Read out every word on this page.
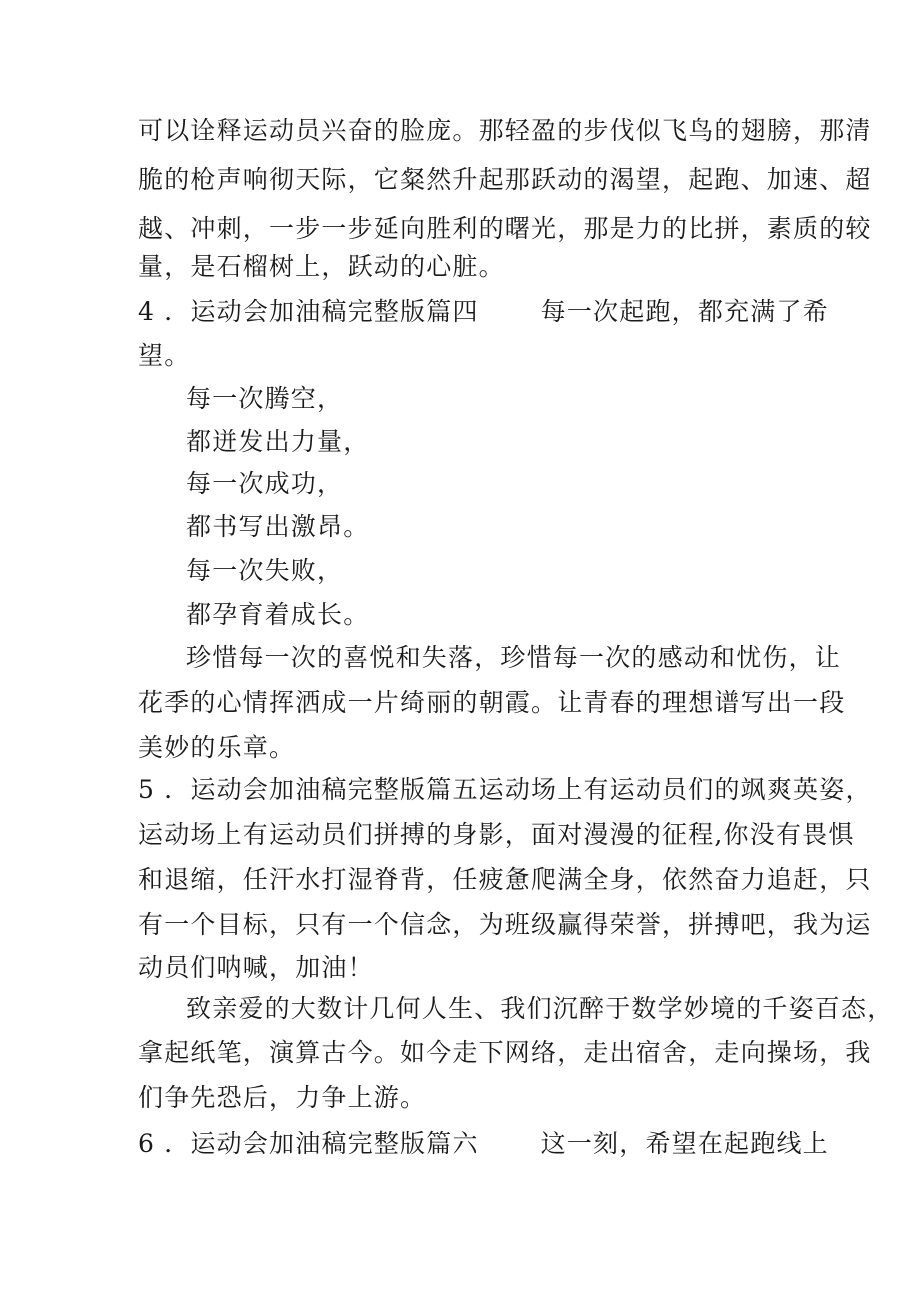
可以诠释运动员兴奋的脸庞。那轻盈的步伐似飞鸟的翅膀，那清
脆的枪声响彻天际，它粲然升起那跃动的渴望，起跑、加速、超
越、冲刺，一步一步延向胜利的曙光，那是力的比拼，素质的较
量，是石榴树上，跃动的心脏。
4 ．运动会加油稿完整版篇四 每一次起跑，都充满了希
望。
每一次腾空，
都迸发出力量，
每一次成功，
都书写出激昂。
每一次失败，
都孕育着成长。
珍惜每一次的喜悦和失落，珍惜每一次的感动和忧伤，让
花季的心情挥洒成一片绮丽的朝霞。让青春的理想谱写出一段
美妙的乐章。
5 ．运动会加油稿完整版篇五运动场上有运动员们的飒爽英姿，
运动场上有运动员们拼搏的身影，面对漫漫的征程,你没有畏惧
和退缩，任汗水打湿脊背，任疲惫爬满全身，依然奋力追赶，只
有一个目标，只有一个信念，为班级赢得荣誉，拼搏吧，我为运
动员们呐喊，加油！
致亲爱的大数计几何人生、我们沉醉于数学妙境的千姿百态，
拿起纸笔，演算古今。如今走下网络，走出宿舍，走向操场，我
们争先恐后，力争上游。
6 ．运动会加油稿完整版篇六 这一刻，希望在起跑线上
